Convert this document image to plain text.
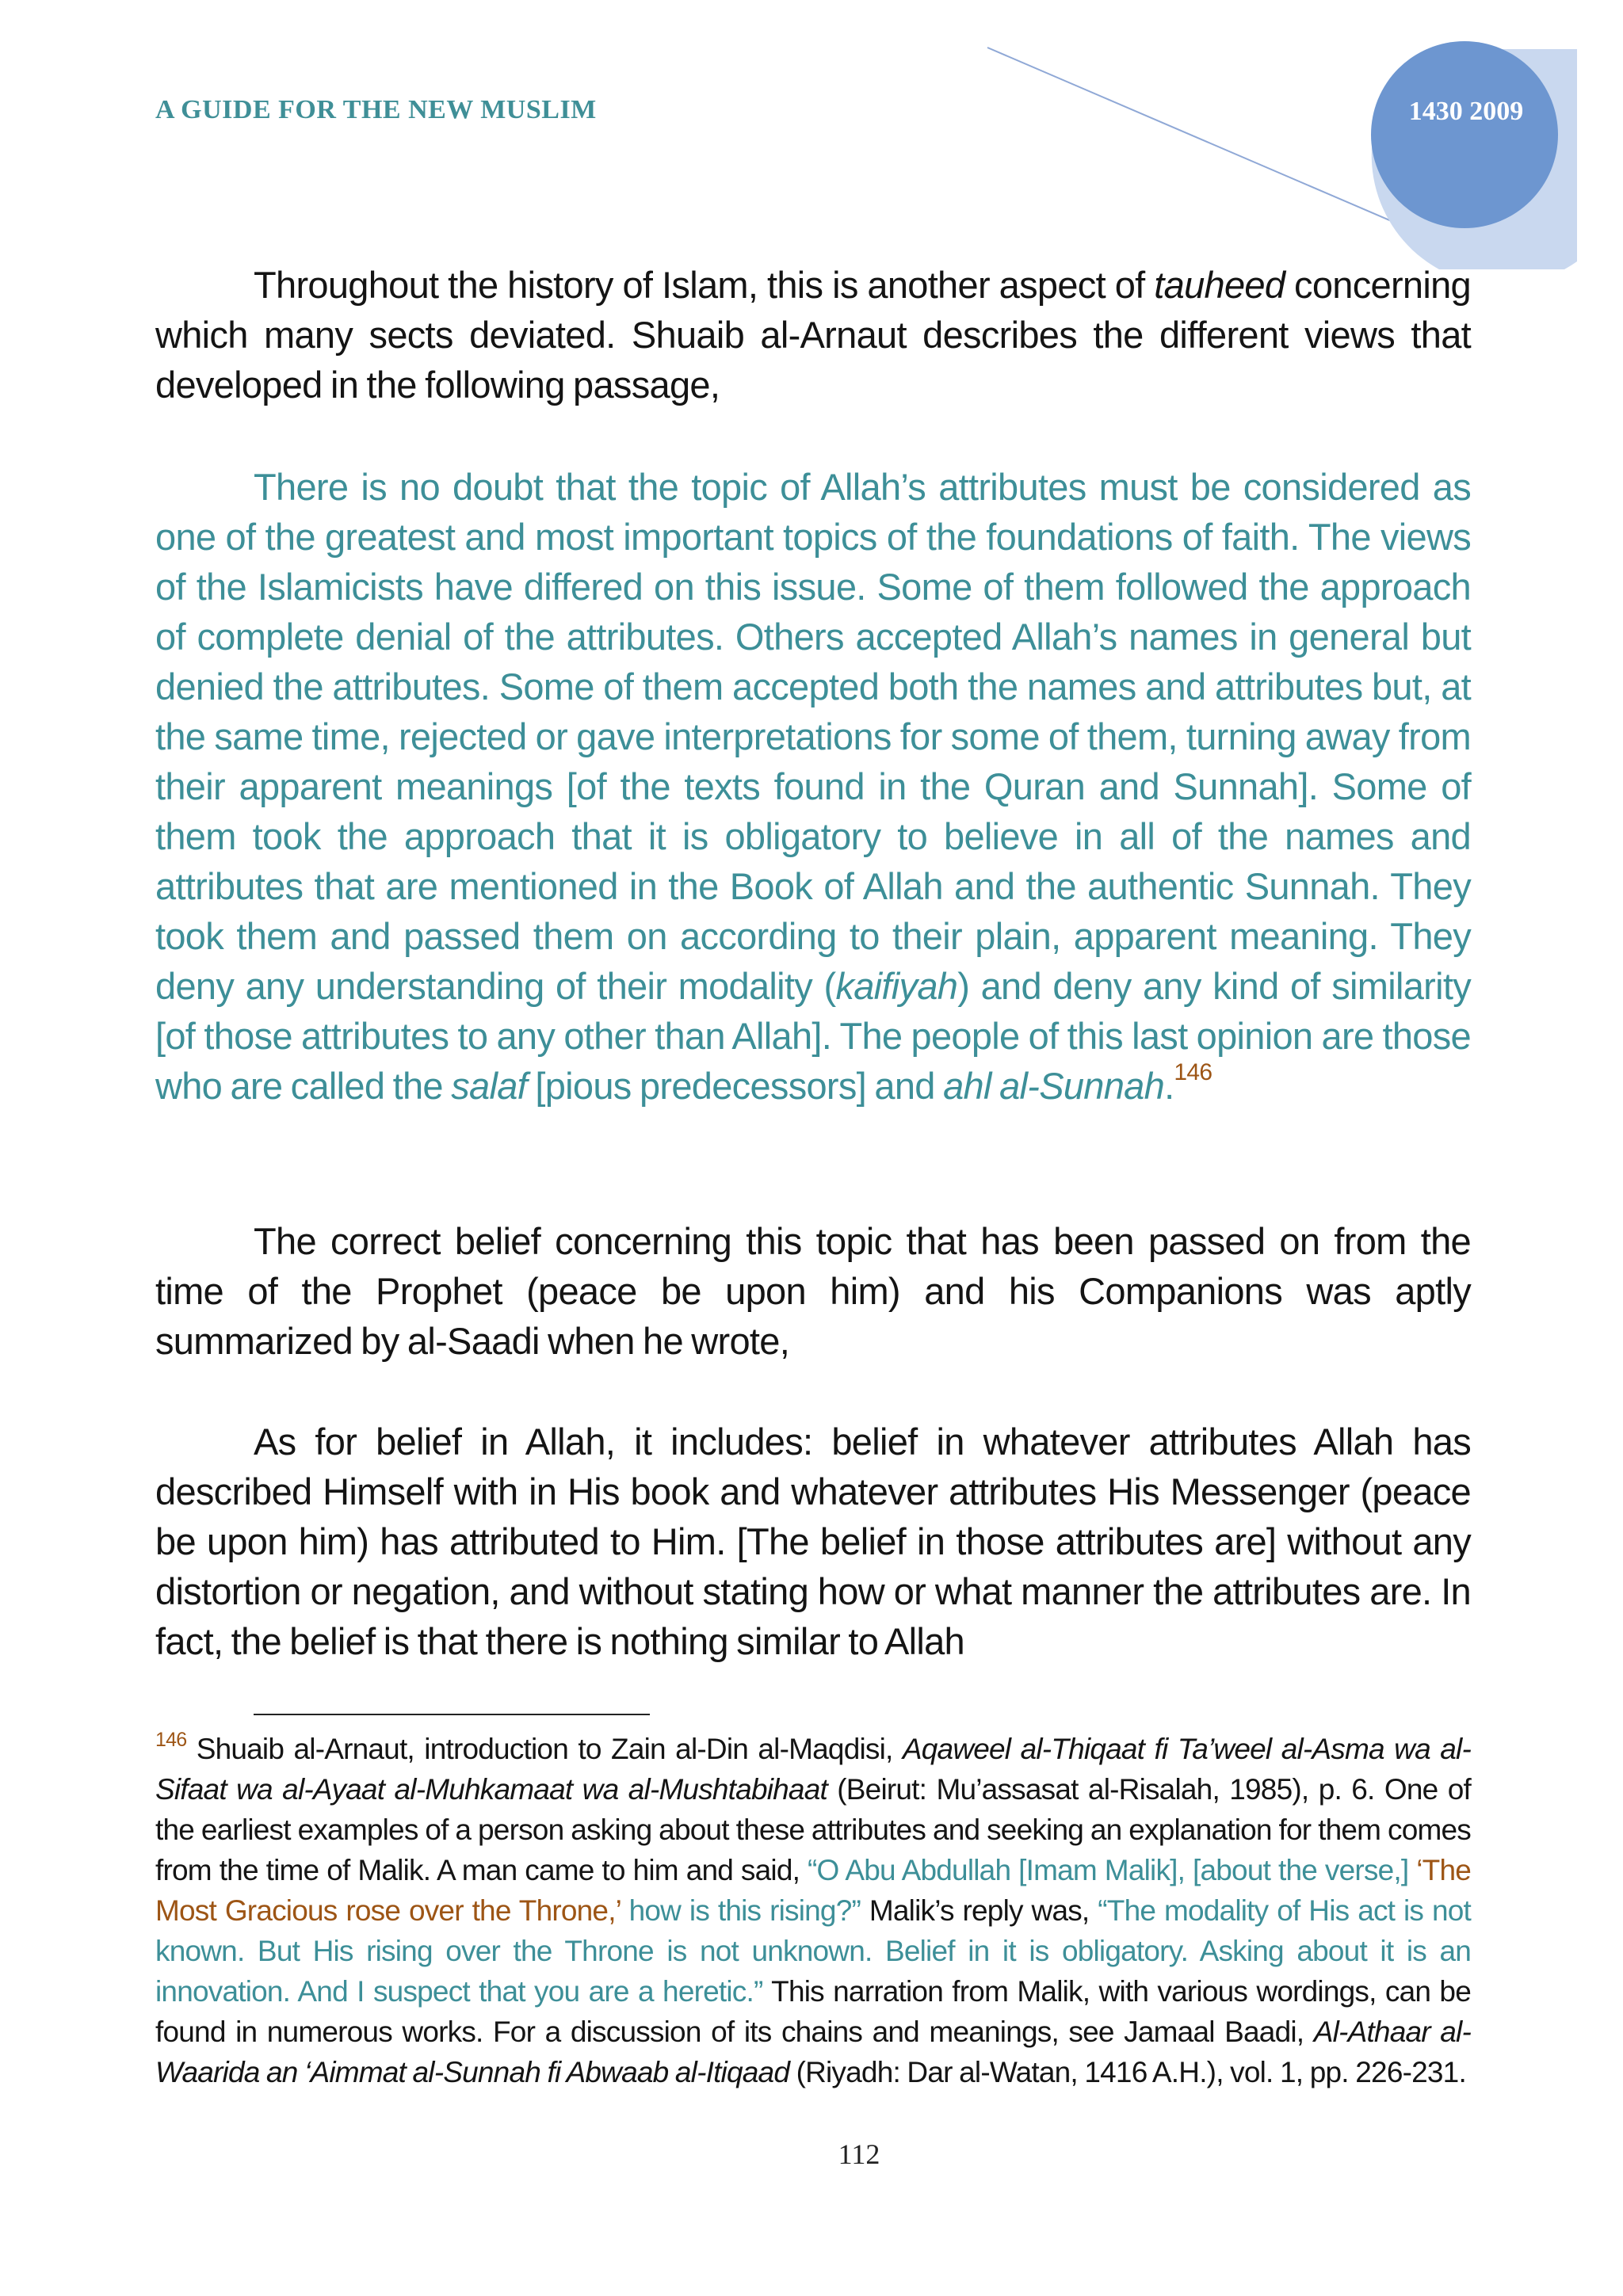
A GUIDE FOR THE NEW MUSLIM	1430 2009

Throughout the history of Islam, this is another aspect of tauheed concerning which many sects deviated. Shuaib al-Arnaut describes the different views that developed in the following passage,

There is no doubt that the topic of Allah’s attributes must be considered as one of the greatest and most important topics of the foundations of faith. The views of the Islamicists have differed on this issue. Some of them followed the approach of complete denial of the attributes. Others accepted Allah’s names in general but denied the attributes. Some of them accepted both the names and attributes but, at the same time, rejected or gave interpretations for some of them, turning away from their apparent meanings [of the texts found in the Quran and Sunnah]. Some of them took the approach that it is obligatory to believe in all of the names and attributes that are mentioned in the Book of Allah and the authentic Sunnah. They took them and passed them on according to their plain, apparent meaning. They deny any understanding of their modality (kaifiyah) and deny any kind of similarity [of those attributes to any other than Allah]. The people of this last opinion are those who are called the salaf [pious predecessors] and ahl al-Sunnah.$^{146}$

The correct belief concerning this topic that has been passed on from the time of the Prophet (peace be upon him) and his Companions was aptly summarized by al-Saadi when he wrote,

As for belief in Allah, it includes: belief in whatever attributes Allah has described Himself with in His book and whatever attributes His Messenger (peace be upon him) has attributed to Him. [The belief in those attributes are] without any distortion or negation, and without stating how or what manner the attributes are. In fact, the belief is that there is nothing similar to Allah

$^{146}$ Shuaib al-Arnaut, introduction to Zain al-Din al-Maqdisi, Aqaweel al-Thiqaat fi Ta’weel al-Asma wa al-Sifaat wa al-Ayaat al-Muhkamaat wa al-Mushtabihaat (Beirut: Mu’assasat al-Risalah, 1985), p. 6. One of the earliest examples of a person asking about these attributes and seeking an explanation for them comes from the time of Malik. A man came to him and said, “O Abu Abdullah [Imam Malik], [about the verse,] ‘The Most Gracious rose over the Throne,’ how is this rising?” Malik’s reply was, “The modality of His act is not known. But His rising over the Throne is not unknown. Belief in it is obligatory. Asking about it is an innovation. And I suspect that you are a heretic.” This narration from Malik, with various wordings, can be found in numerous works. For a discussion of its chains and meanings, see Jamaal Baadi, Al-Athaar al-Waarida an ‘Aimmat al-Sunnah fi Abwaab al-Itiqaad (Riyadh: Dar al-Watan, 1416 A.H.), vol. 1, pp. 226-231.

112
